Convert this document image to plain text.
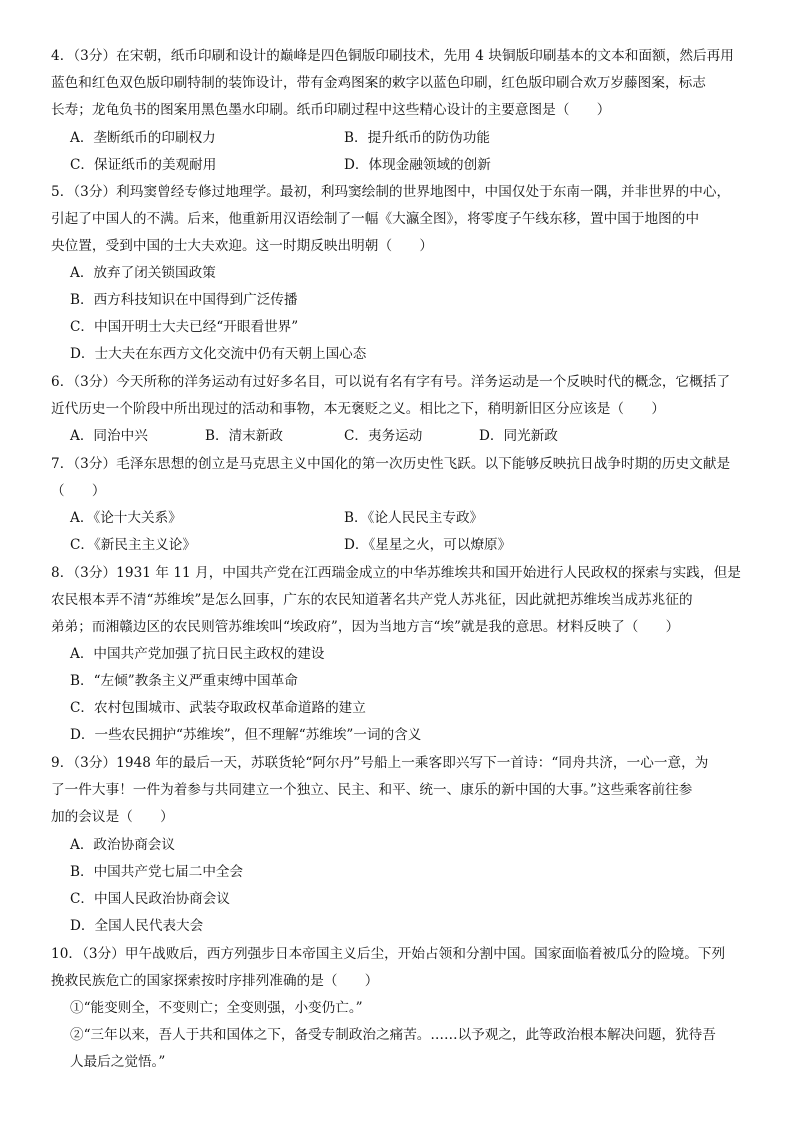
4．（3分）在宋朝，纸币印刷和设计的巅峰是四色铜版印刷技术，先用 4 块铜版印刷基本的文本和面额，然后再用
蓝色和红色双色版印刷特制的装饰设计，带有金鸡图案的敕字以蓝色印刷，红色版印刷合欢万岁藤图案，标志
长寿；龙龟负书的图案用黑色墨水印刷。纸币印刷过程中这些精心设计的主要意图是（　　）
A．垄断纸币的印刷权力	B．提升纸币的防伪功能
C．保证纸币的美观耐用	D．体现金融领域的创新
5．（3分）利玛窦曾经专修过地理学。最初，利玛窦绘制的世界地图中，中国仅处于东南一隅，并非世界的中心，
引起了中国人的不满。后来，他重新用汉语绘制了一幅《大瀛全图》，将零度子午线东移，置中国于地图的中
央位置，受到中国的士大夫欢迎。这一时期反映出明朝（　　）
A．放弃了闭关锁国政策
B．西方科技知识在中国得到广泛传播
C．中国开明士大夫已经“开眼看世界”
D．士大夫在东西方文化交流中仍有天朝上国心态
6．（3分）今天所称的洋务运动有过好多名目，可以说有名有字有号。洋务运动是一个反映时代的概念，它概括了
近代历史一个阶段中所出现过的活动和事物，本无褒贬之义。相比之下，稍明新旧区分应该是（　　）
A．同治中兴	B．清末新政	C．夷务运动	D．同光新政
7．（3分）毛泽东思想的创立是马克思主义中国化的第一次历史性飞跃。以下能够反映抗日战争时期的历史文献是
（　　）
A．《论十大关系》	B．《论人民民主专政》
C．《新民主主义论》	D．《星星之火，可以燎原》
8．（3分）1931 年 11 月，中国共产党在江西瑞金成立的中华苏维埃共和国开始进行人民政权的探索与实践，但是
农民根本弄不清“苏维埃”是怎么回事，广东的农民知道著名共产党人苏兆征，因此就把苏维埃当成苏兆征的
弟弟；而湘赣边区的农民则管苏维埃叫“埃政府”，因为当地方言“埃”就是我的意思。材料反映了（　　）
A．中国共产党加强了抗日民主政权的建设
B．“左倾”教条主义严重束缚中国革命
C．农村包围城市、武装夺取政权革命道路的建立
D．一些农民拥护“苏维埃”，但不理解“苏维埃”一词的含义
9．（3分）1948 年的最后一天，苏联货轮“阿尔丹”号船上一乘客即兴写下一首诗：“同舟共济，一心一意，为
了一件大事！一件为着参与共同建立一个独立、民主、和平、统一、康乐的新中国的大事。”这些乘客前往参
加的会议是（　　）
A．政治协商会议
B．中国共产党七届二中全会
C．中国人民政治协商会议
D．全国人民代表大会
10．（3分）甲午战败后，西方列强步日本帝国主义后尘，开始占领和分割中国。国家面临着被瓜分的险境。下列
挽救民族危亡的国家探索按时序排列准确的是（　　）
①“能变则全，不变则亡；全变则强，小变仍亡。”
②“三年以来，吾人于共和国体之下，备受专制政治之痛苦。……以予观之，此等政治根本解决问题，犹待吾
人最后之觉悟。”
